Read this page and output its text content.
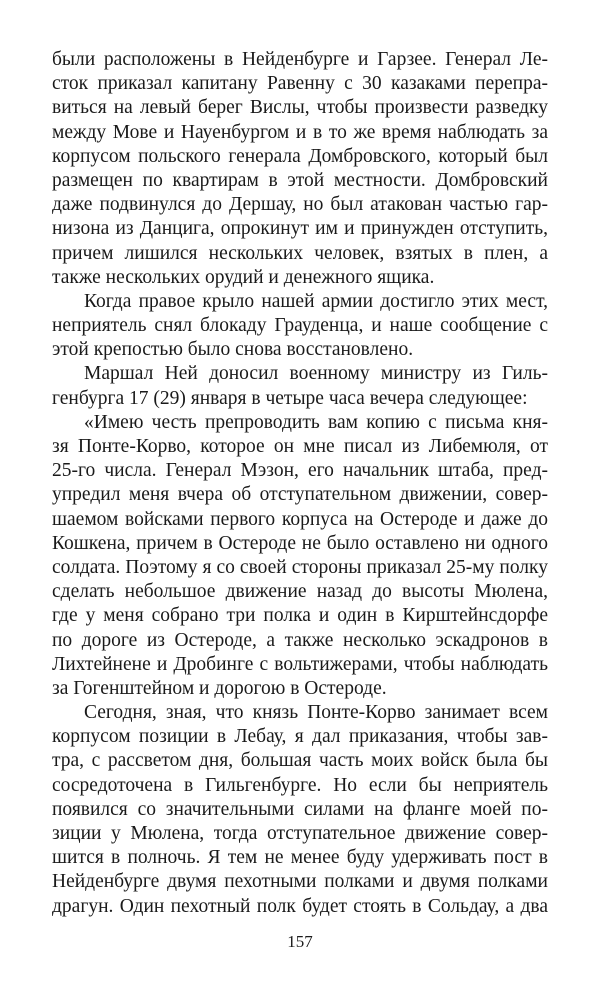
были расположены в Нейденбурге и Гарзее. Генерал Ле-
сток приказал капитану Равенну с 30 казаками перепра-
виться на левый берег Вислы, чтобы произвести разведку
между Мове и Науенбургом и в то же время наблюдать за
корпусом польского генерала Домбровского, который был
размещен по квартирам в этой местности. Домбровский
даже подвинулся до Дершау, но был атакован частью гар-
низона из Данцига, опрокинут им и принужден отступить,
причем лишился нескольких человек, взятых в плен, а
также нескольких орудий и денежного ящика.
Когда правое крыло нашей армии достигло этих мест,
неприятель снял блокаду Грауденца, и наше сообщение с
этой крепостью было снова восстановлено.
Маршал Ней доносил военному министру из Гиль-
генбурга 17 (29) января в четыре часа вечера следующее:
«Имею честь препроводить вам копию с письма кня-
зя Понте-Корво, которое он мне писал из Либемюля, от
25-го числа. Генерал Мэзон, его начальник штаба, пред-
упредил меня вчера об отступательном движении, совер-
шаемом войсками первого корпуса на Остероде и даже до
Кошкена, причем в Остероде не было оставлено ни одного
солдата. Поэтому я со своей стороны приказал 25-му полку
сделать небольшое движение назад до высоты Мюлена,
где у меня собрано три полка и один в Кирштейнсдорфе
по дороге из Остероде, а также несколько эскадронов в
Лихтейнене и Дробинге с вольтижерами, чтобы наблюдать
за Гогенштейном и дорогою в Остероде.
Сегодня, зная, что князь Понте-Корво занимает всем
корпусом позиции в Лебау, я дал приказания, чтобы зав-
тра, с рассветом дня, большая часть моих войск была бы
сосредоточена в Гильгенбурге. Но если бы неприятель
появился со значительными силами на фланге моей по-
зиции у Мюлена, тогда отступательное движение совер-
шится в полночь. Я тем не менее буду удерживать пост в
Нейденбурге двумя пехотными полками и двумя полками
драгун. Один пехотный полк будет стоять в Сольдау, а два
157
